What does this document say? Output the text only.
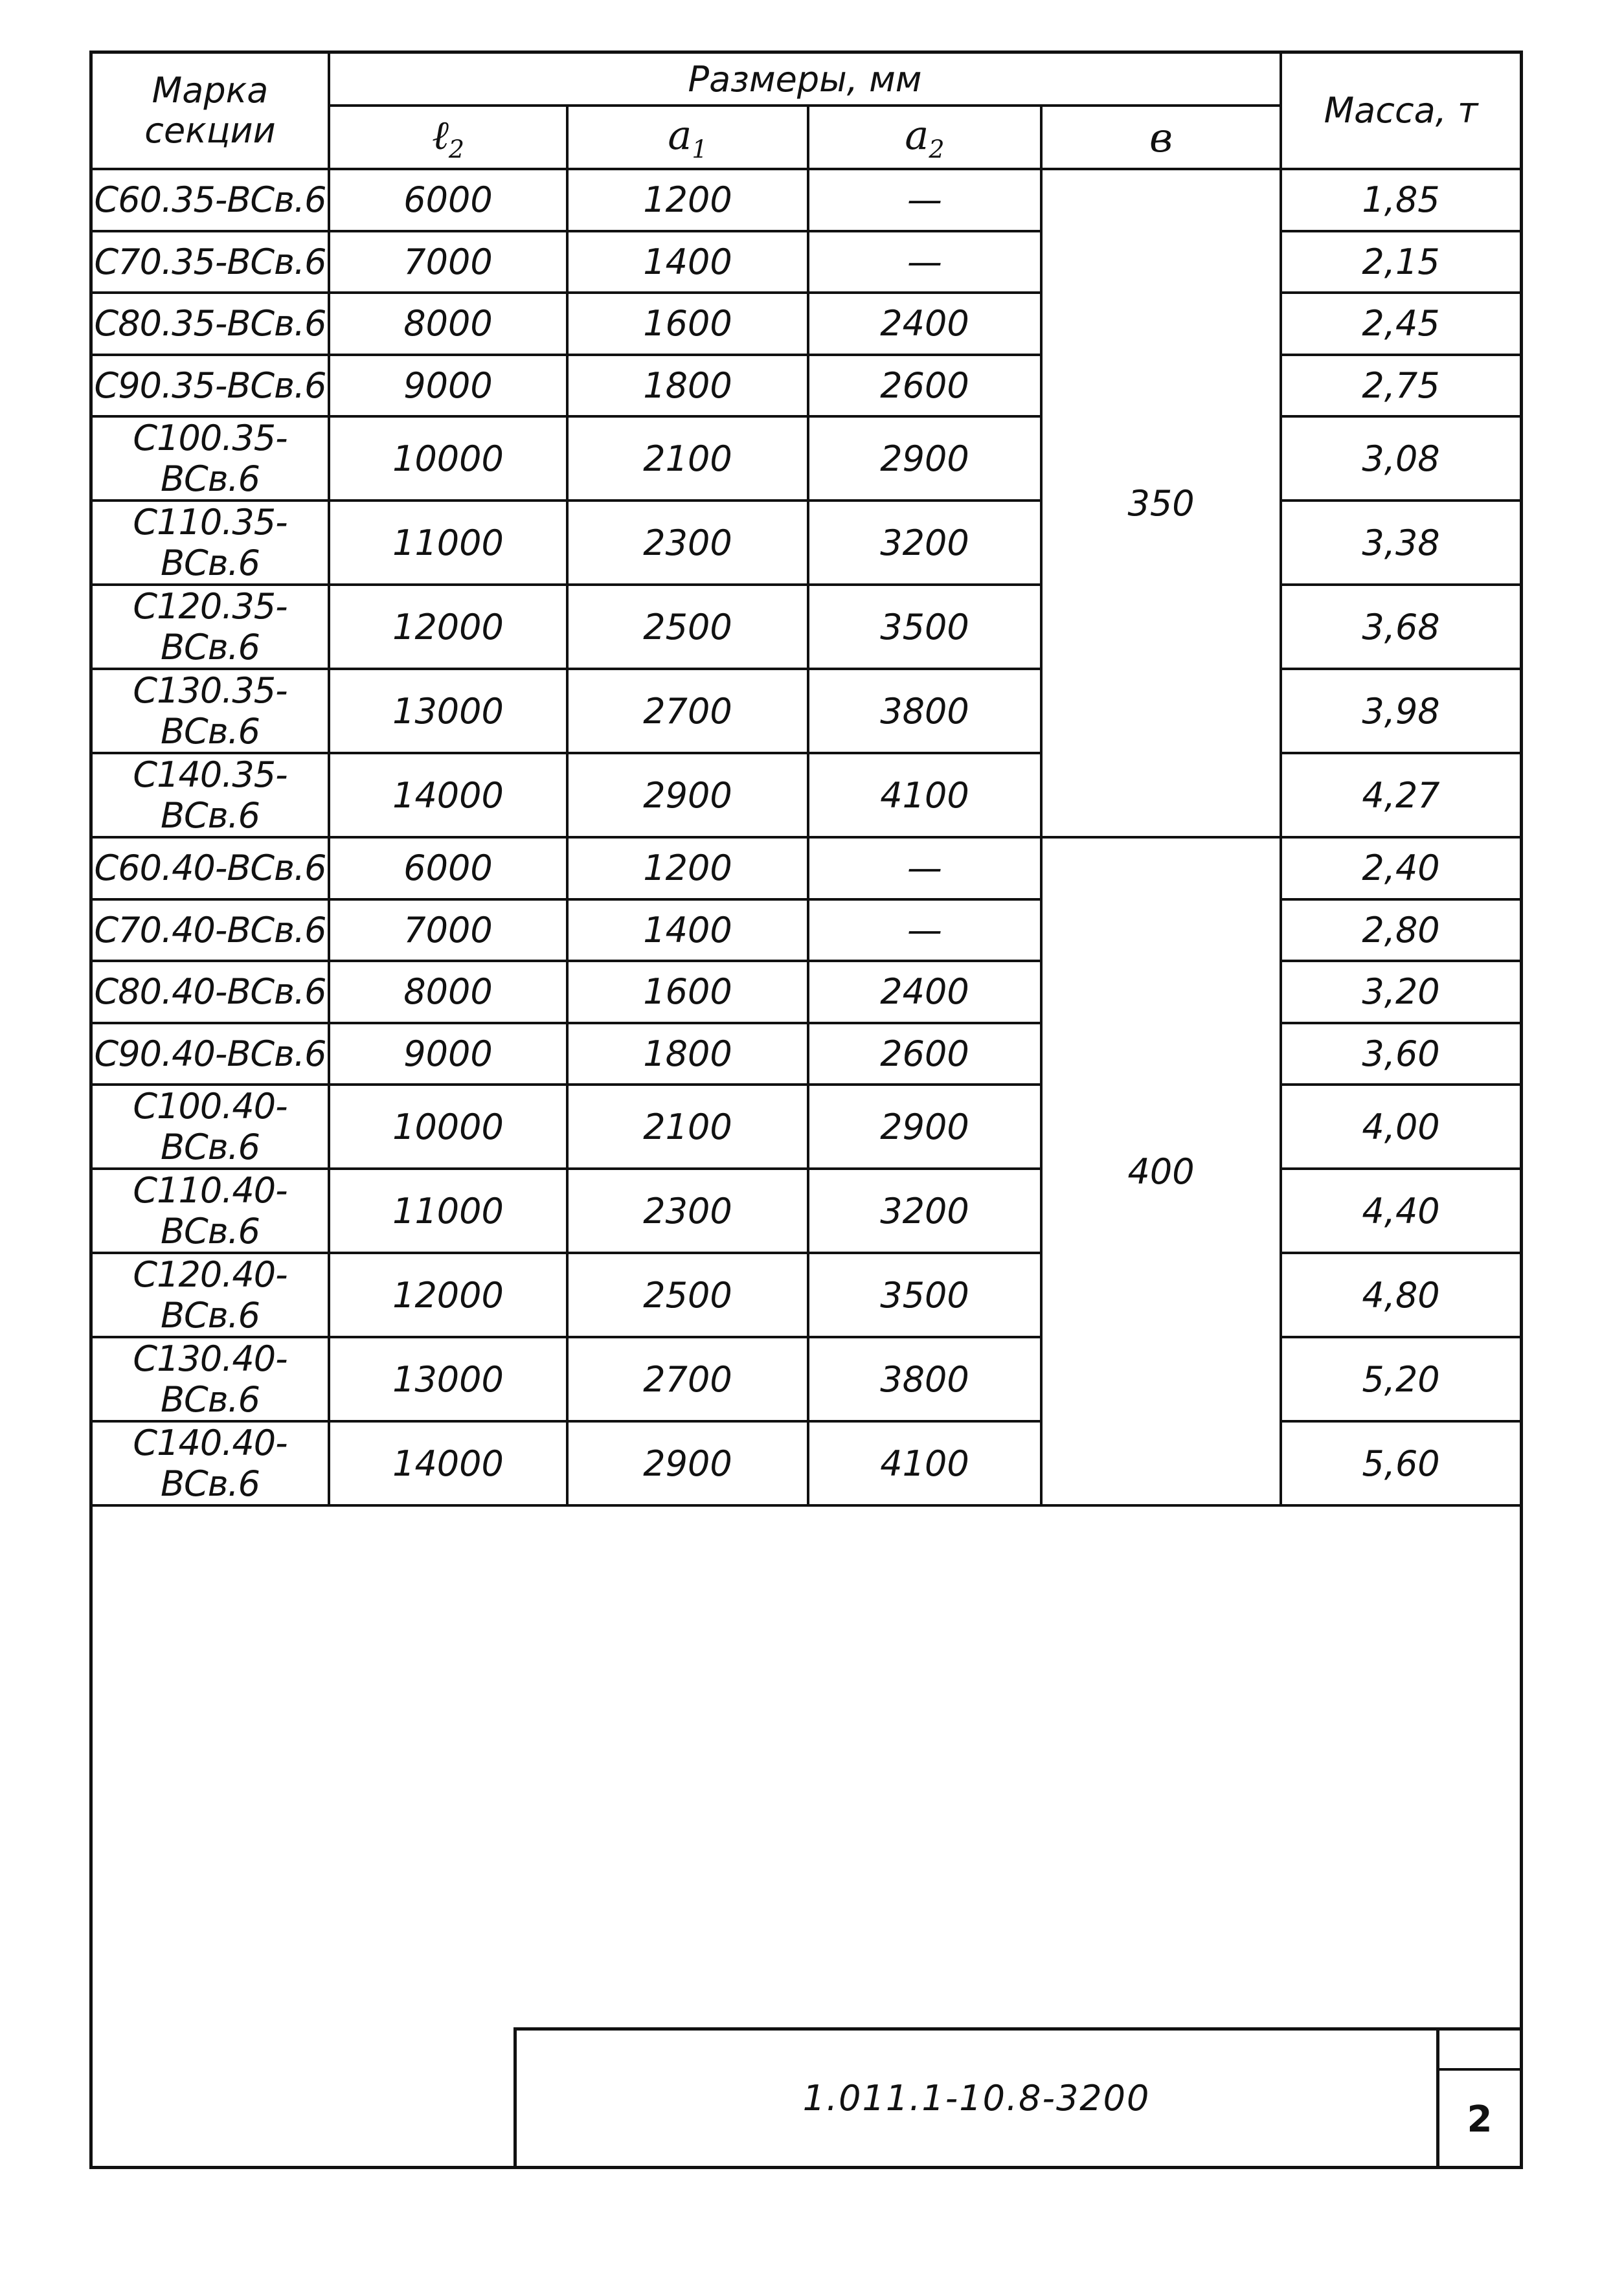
Марка секции	Размеры, мм				Масса, т
	ℓ$_2$	$a_1$	$a_2$	в	
С60.35-ВСв.6	6000	1200	—	350	1,85
С70.35-ВСв.6	7000	1400	—		2,15
С80.35-ВСв.6	8000	1600	2400		2,45
С90.35-ВСв.6	9000	1800	2600		2,75
С100.35-ВСв.6	10000	2100	2900		3,08
С110.35-ВСв.6	11000	2300	3200		3,38
С120.35-ВСв.6	12000	2500	3500		3,68
С130.35-ВСв.6	13000	2700	3800		3,98
С140.35-ВСв.6	14000	2900	4100		4,27
С60.40-ВСв.6	6000	1200	—	400	2,40
С70.40-ВСв.6	7000	1400	—		2,80
С80.40-ВСв.6	8000	1600	2400		3,20
С90.40-ВСв.6	9000	1800	2600		3,60
С100.40-ВСв.6	10000	2100	2900		4,00
С110.40-ВСв.6	11000	2300	3200		4,40
С120.40-ВСв.6	12000	2500	3500		4,80
С130.40-ВСв.6	13000	2700	3800		5,20
С140.40-ВСв.6	14000	2900	4100		5,60
1.011.1-10.8-3200	2
